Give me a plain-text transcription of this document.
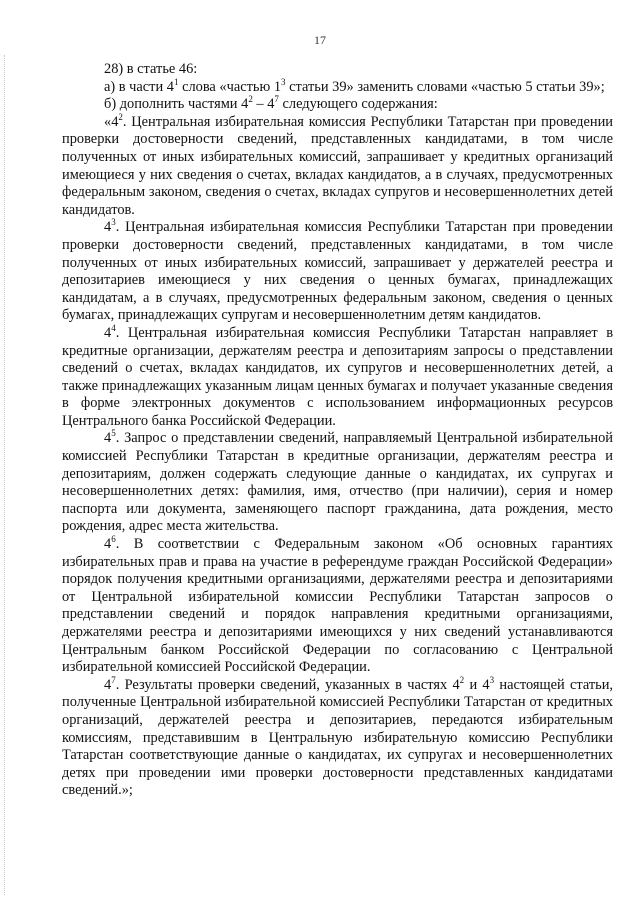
17

28) в статье 46:

а) в части $4^1$ слова «частью $1^3$ статьи 39» заменить словами «частью 5 статьи 39»;

б) дополнить частями $4^2 - 4^7$ следующего содержания:

«$4^2$. Центральная избирательная комиссия Республики Татарстан при проведении проверки достоверности сведений, представленных кандидатами, в том числе полученных от иных избирательных комиссий, запрашивает у кредитных организаций имеющиеся у них сведения о счетах, вкладах кандидатов, а в случаях, предусмотренных федеральным законом, сведения о счетах, вкладах супругов и несовершеннолетних детей кандидатов.

$4^3$. Центральная избирательная комиссия Республики Татарстан при проведении проверки достоверности сведений, представленных кандидатами, в том числе полученных от иных избирательных комиссий, запрашивает у держателей реестра и депозитариев имеющиеся у них сведения о ценных бумагах, принадлежащих кандидатам, а в случаях, предусмотренных федеральным законом, сведения о ценных бумагах, принадлежащих супругам и несовершеннолетним детям кандидатов.

$4^4$. Центральная избирательная комиссия Республики Татарстан направляет в кредитные организации, держателям реестра и депозитариям запросы о представлении сведений о счетах, вкладах кандидатов, их супругов и несовершеннолетних детей, а также принадлежащих указанным лицам ценных бумагах и получает указанные сведения в форме электронных документов с использованием информационных ресурсов Центрального банка Российской Федерации.

$4^5$. Запрос о представлении сведений, направляемый Центральной избирательной комиссией Республики Татарстан в кредитные организации, держателям реестра и депозитариям, должен содержать следующие данные о кандидатах, их супругах и несовершеннолетних детях: фамилия, имя, отчество (при наличии), серия и номер паспорта или документа, заменяющего паспорт гражданина, дата рождения, место рождения, адрес места жительства.

$4^6$. В соответствии с Федеральным законом «Об основных гарантиях избирательных прав и права на участие в референдуме граждан Российской Федерации» порядок получения кредитными организациями, держателями реестра и депозитариями от Центральной избирательной комиссии Республики Татарстан запросов о представлении сведений и порядок направления кредитными организациями, держателями реестра и депозитариями имеющихся у них сведений устанавливаются Центральным банком Российской Федерации по согласованию с Центральной избирательной комиссией Российской Федерации.

$4^7$. Результаты проверки сведений, указанных в частях $4^2$ и $4^3$ настоящей статьи, полученные Центральной избирательной комиссией Республики Татарстан от кредитных организаций, держателей реестра и депозитариев, передаются избирательным комиссиям, представившим в Центральную избирательную комиссию Республики Татарстан соответствующие данные о кандидатах, их супругах и несовершеннолетних детях при проведении ими проверки достоверности представленных кандидатами сведений.»;
